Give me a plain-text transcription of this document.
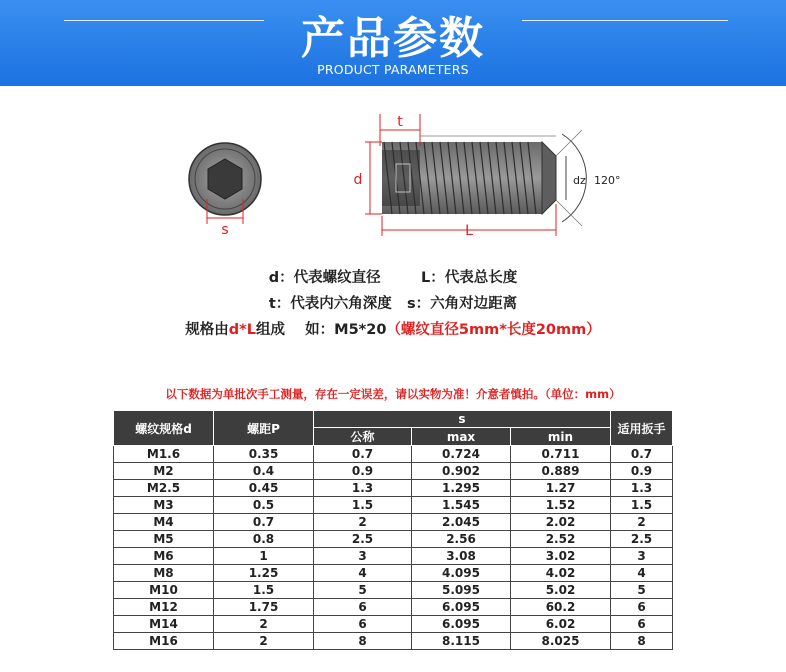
产品参数
PRODUCT PARAMETERS
s
t
d
L
dz 120°
d：代表螺纹直径	L：代表总长度
t：代表内六角深度 s：六角对边距离
规格由d*L组成    如：M5*20（螺纹直径5mm*长度20mm）
以下数据为单批次手工测量，存在一定误差，请以实物为准！介意者慎拍。（单位：mm）
螺纹规格d	螺距P	s			适用扳手
		公称	max	min	
M1.6	0.35	0.7	0.724	0.711	0.7
M2	0.4	0.9	0.902	0.889	0.9
M2.5	0.45	1.3	1.295	1.27	1.3
M3	0.5	1.5	1.545	1.52	1.5
M4	0.7	2	2.045	2.02	2
M5	0.8	2.5	2.56	2.52	2.5
M6	1	3	3.08	3.02	3
M8	1.25	4	4.095	4.02	4
M10	1.5	5	5.095	5.02	5
M12	1.75	6	6.095	60.2	6
M14	2	6	6.095	6.02	6
M16	2	8	8.115	8.025	8
